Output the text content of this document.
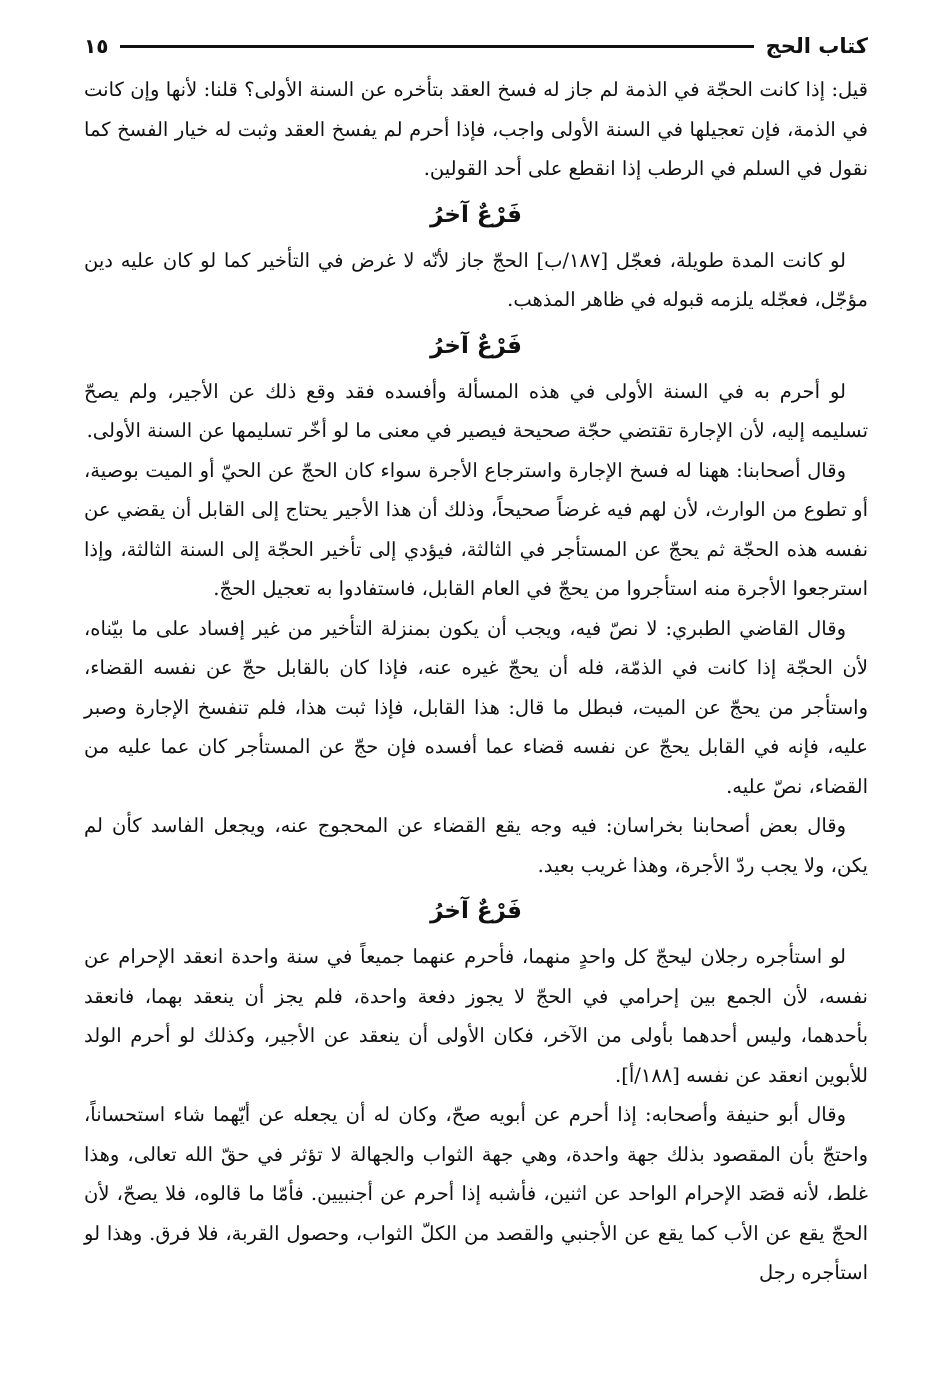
كتاب الحج
١٥

قيل: إذا كانت الحجّة في الذمة لم جاز له فسخ العقد بتأخره عن السنة الأولى؟ قلنا: لأنها وإن كانت في الذمة، فإن تعجيلها في السنة الأولى واجب، فإذا أحرم لم يفسخ العقد وثبت له خيار الفسخ كما نقول في السلم في الرطب إذا انقطع على أحد القولين.

فَرْعٌ آخرُ

لو كانت المدة طويلة، فعجّل [١٨٧/ب] الحجّ جاز لأنّه لا غرض في التأخير كما لو كان عليه دين مؤجّل، فعجّله يلزمه قبوله في ظاهر المذهب.

فَرْعٌ آخرُ

لو أحرم به في السنة الأولى في هذه المسألة وأفسده فقد وقع ذلك عن الأجير، ولم يصحّ تسليمه إليه، لأن الإجارة تقتضي حجّة صحيحة فيصير في معنى ما لو أخّر تسليمها عن السنة الأولى.

وقال أصحابنا: ههنا له فسخ الإجارة واسترجاع الأجرة سواء كان الحجّ عن الحيّ أو الميت بوصية، أو تطوع من الوارث، لأن لهم فيه غرضاً صحيحاً، وذلك أن هذا الأجير يحتاج إلى القابل أن يقضي عن نفسه هذه الحجّة ثم يحجّ عن المستأجر في الثالثة، فيؤدي إلى تأخير الحجّة إلى السنة الثالثة، وإذا استرجعوا الأجرة منه استأجروا من يحجّ في العام القابل، فاستفادوا به تعجيل الحجّ.

وقال القاضي الطبري: لا نصّ فيه، ويجب أن يكون بمنزلة التأخير من غير إفساد على ما بيّناه، لأن الحجّة إذا كانت في الذمّة، فله أن يحجّ غيره عنه، فإذا كان بالقابل حجّ عن نفسه القضاء، واستأجر من يحجّ عن الميت، فبطل ما قال: هذا القابل، فإذا ثبت هذا، فلم تنفسخ الإجارة وصبر عليه، فإنه في القابل يحجّ عن نفسه قضاء عما أفسده فإن حجّ عن المستأجر كان عما عليه من القضاء، نصّ عليه.

وقال بعض أصحابنا بخراسان: فيه وجه يقع القضاء عن المحجوج عنه، ويجعل الفاسد كأن لم يكن، ولا يجب ردّ الأجرة، وهذا غريب بعيد.

فَرْعٌ آخرُ

لو استأجره رجلان ليحجّ كل واحدٍ منهما، فأحرم عنهما جميعاً في سنة واحدة انعقد الإحرام عن نفسه، لأن الجمع بين إحرامي في الحجّ لا يجوز دفعة واحدة، فلم يجز أن ينعقد بهما، فانعقد بأحدهما، وليس أحدهما بأولى من الآخر، فكان الأولى أن ينعقد عن الأجير، وكذلك لو أحرم الولد للأبوين انعقد عن نفسه [١٨٨/أ].

وقال أبو حنيفة وأصحابه: إذا أحرم عن أبويه صحّ، وكان له أن يجعله عن أيّهما شاء استحساناً، واحتجّ بأن المقصود بذلك جهة واحدة، وهي جهة الثواب والجهالة لا تؤثر في حقّ الله تعالى، وهذا غلط، لأنه قصَد الإحرام الواحد عن اثنين، فأشبه إذا أحرم عن أجنبيين. فأمّا ما قالوه، فلا يصحّ، لأن الحجّ يقع عن الأب كما يقع عن الأجنبي والقصد من الكلّ الثواب، وحصول القربة، فلا فرق. وهذا لو استأجره رجل
